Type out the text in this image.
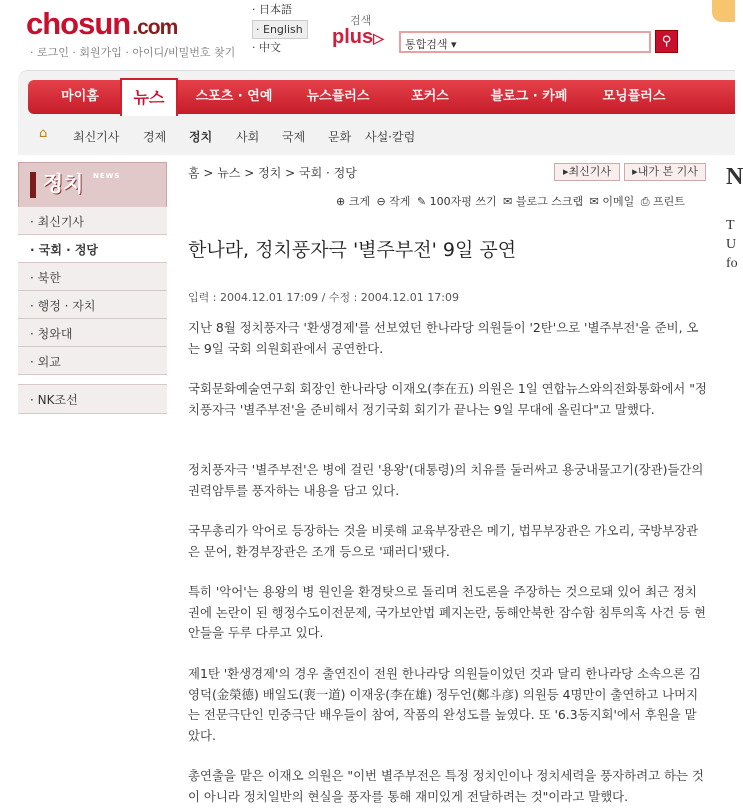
chosun.com
· 로그인 · 회원가입 · 아이디/비밀번호 찾기
· 日本語
· English
· 中文
검색
plus▷	통합검색 ▾	⚲
마이홈	뉴스	스포츠 · 연예	뉴스플러스	포커스	블로그 · 카페	모닝플러스
⌂ 최신기사 경제 정치 사회 국제 문화 사설·칼럼
정치 NEWS
· 최신기사
· 국회 · 정당
· 북한
· 행정 · 자치
· 청와대
· 외교
· NK조선
홈 > 뉴스 > 정치 > 국회 · 정당	▸최신기사	▸내가 본 기사
⊕ 크게 ⊖ 작게 ✎ 100자평 쓰기 ✉ 블로그 스크랩 ✉ 이메일 ⎙ 프린트
한나라, 정치풍자극 '별주부전' 9일 공연
입력 : 2004.12.01 17:09 / 수정 : 2004.12.01 17:09
지난 8월 정치풍자극 '환생경제'를 선보였던 한나라당 의원들이 '2탄'으로 '별주부전'을 준비, 오는 9일 국회 의원회관에서 공연한다.
국회문화예술연구회 회장인 한나라당 이재오(李在五) 의원은 1일 연합뉴스와의전화통화에서 "정치풍자극 '별주부전'을 준비해서 정기국회 회기가 끝나는 9일 무대에 올린다"고 말했다.
정치풍자극 '별주부전'은 병에 걸린 '용왕'(대통령)의 치유를 둘러싸고 용궁내물고기(장관)들간의 권력암투를 풍자하는 내용을 담고 있다.
국무총리가 악어로 등장하는 것을 비롯해 교육부장관은 메기, 법무부장관은 가오리, 국방부장관은 문어, 환경부장관은 조개 등으로 '패러디'됐다.
특히 '악어'는 용왕의 병 원인을 환경탓으로 돌리며 천도론을 주장하는 것으로돼 있어 최근 정치권에 논란이 된 행정수도이전문제, 국가보안법 폐지논란, 동해안북한 잠수함 침투의혹 사건 등 현안들을 두루 다루고 있다.
제1탄 '환생경제'의 경우 출연진이 전원 한나라당 의원들이었던 것과 달리 한나라당 소속으론 김영덕(金榮德) 배일도(裵一道) 이재웅(李在雄) 정두언(鄭斗彦) 의원등 4명만이 출연하고 나머지는 전문극단인 민중극단 배우들이 참여, 작품의 완성도를 높였다. 또 '6.3동지회'에서 후원을 맡았다.
총연출을 맡은 이재오 의원은 "이번 별주부전은 특정 정치인이나 정치세력을 풍자하려고 하는 것이 아니라 정치일반의 현실을 풍자를 통해 재미있게 전달하려는 것"이라고 말했다.
N
T
U
fo
